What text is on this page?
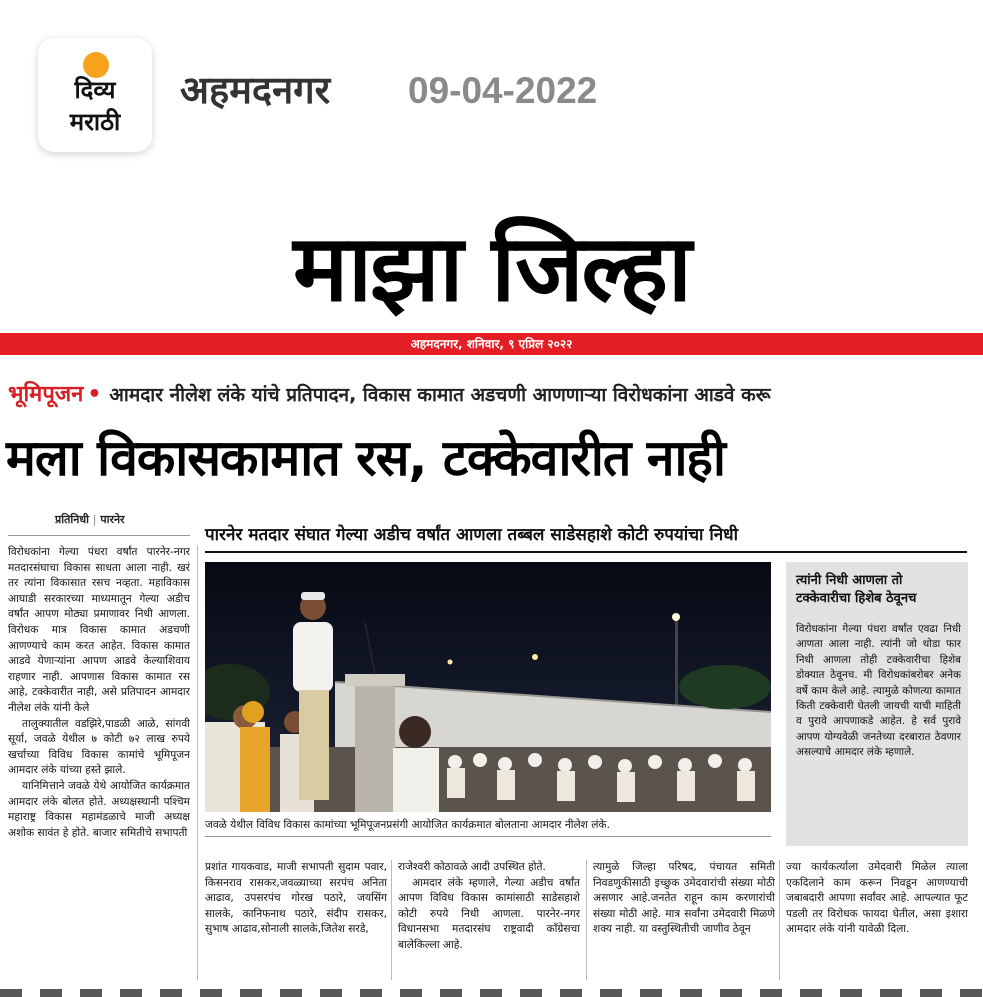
दिव्य
मराठी
अहमदनगर 09-04-2022
माझा जिल्हा
अहमदनगर, शनिवार, ९ एप्रिल २०२२
भूमिपूजन • आमदार नीलेश लंके यांचे प्रतिपादन, विकास कामात अडचणी आणणाऱ्या विरोधकांना आडवे करू
मला विकासकामात रस, टक्केवारीत नाही
प्रतिनिधी | पारनेर
पारनेर मतदार संघात गेल्या अडीच वर्षांत आणला तब्बल साडेसहाशे कोटी रुपयांचा निधी

विरोधकांना गेल्या पंधरा वर्षांत पारनेर-नगर मतदारसंघाचा विकास साधता आला नाही. खरं तर त्यांना विकासात रसच नव्हता. महाविकास आघाडी सरकारच्या माध्यमातून गेल्या अडीच वर्षांत आपण मोठ्या प्रमाणावर निधी आणला. विरोधक मात्र विकास कामात अडचणी आणण्याचे काम करत आहेत. विकास कामात आडवे येणाऱ्यांना आपण आडवे केल्याशिवाय राहणार नाही. आपणास विकास कामात रस आहे, टक्केवारीत नाही, असे प्रतिपादन आमदार नीलेश लंके यांनी केले

तालुक्यातील वडझिरे,पाडळी आळे, सांगवी सूर्या, जवळे येथील ७ कोटी ७२ लाख रुपये खर्चाच्या विविध विकास कामांचे भूमिपूजन आमदार लंके यांच्या हस्ते झाले.

यानिमित्ताने जवळे येथे आयोजित कार्यक्रमात आमदार लंके बोलत होते. अध्यक्षस्थानी पश्चिम महाराष्ट्र विकास महामंडळाचे माजी अध्यक्ष अशोक सावंत हे होते. बाजार समितीचे सभापती

जवळे येथील विविध विकास कामांच्या भूमिपूजनप्रसंगी आयोजित कार्यक्रमात बोलताना आमदार नीलेश लंके.
त्यांनी निधी आणला तो टक्केवारीचा हिशेब ठेवूनच
विरोधकांना गेल्या पंधरा वर्षांत एवढा निधी आणता आला नाही. त्यांनी जो थोडा फार निधी आणला तोही टक्केवारीचा हिशेब डोक्यात ठेवूनच. मी विरोधकांबरोबर अनेक वर्षे काम केले आहे. त्यामुळे कोणत्या कामात किती टक्केवारी घेतली जायची याची माहिती व पुरावे आपणाकडे आहेत. हे सर्व पुरावे आपण योग्यवेळी जनतेच्या दरबारात ठेवणार असल्याचे आमदार लंके म्हणाले.
प्रशांत गायकवाड, माजी सभापती सुदाम पवार, किसनराव रासकर,जवळ्याच्या सरपंच अनिता आढाव, उपसरपंच गोरख पठारे, जयसिंग सालके, कानिफनाथ पठारे, संदीप रासकर, सुभाष आढाव,सोनाली सालके,जितेश सरडे,

राजेश्वरी कोठावळे आदी उपस्थित होते.

आमदार लंके म्हणाले, गेल्या अडीच वर्षांत आपण विविध विकास कामांसाठी साडेसहाशे कोटी रुपये निधी आणला. पारनेर-नगर विधानसभा मतदारसंघ राष्ट्रवादी कॉंग्रेसचा बालेकिल्ला आहे.

त्यामुळे जिल्हा परिषद, पंचायत समिती निवडणुकीसाठी इच्छुक उमेदवारांची संख्या मोठी असणार आहे.जनतेत राहून काम करणारांची संख्या मोठी आहे. मात्र सर्वांना उमेदवारी मिळणे शक्य नाही. या वस्तुस्थितीची जाणीव ठेवून
ज्या कार्यकर्त्याला उमेदवारी मिळेल त्याला एकदिलाने काम करून निवडून आणण्याची जबाबदारी आपणा सर्वांवर आहे. आपल्यात फूट पडली तर विरोधक फायदा घेतील, असा इशारा आमदार लंके यांनी यावेळी दिला.
